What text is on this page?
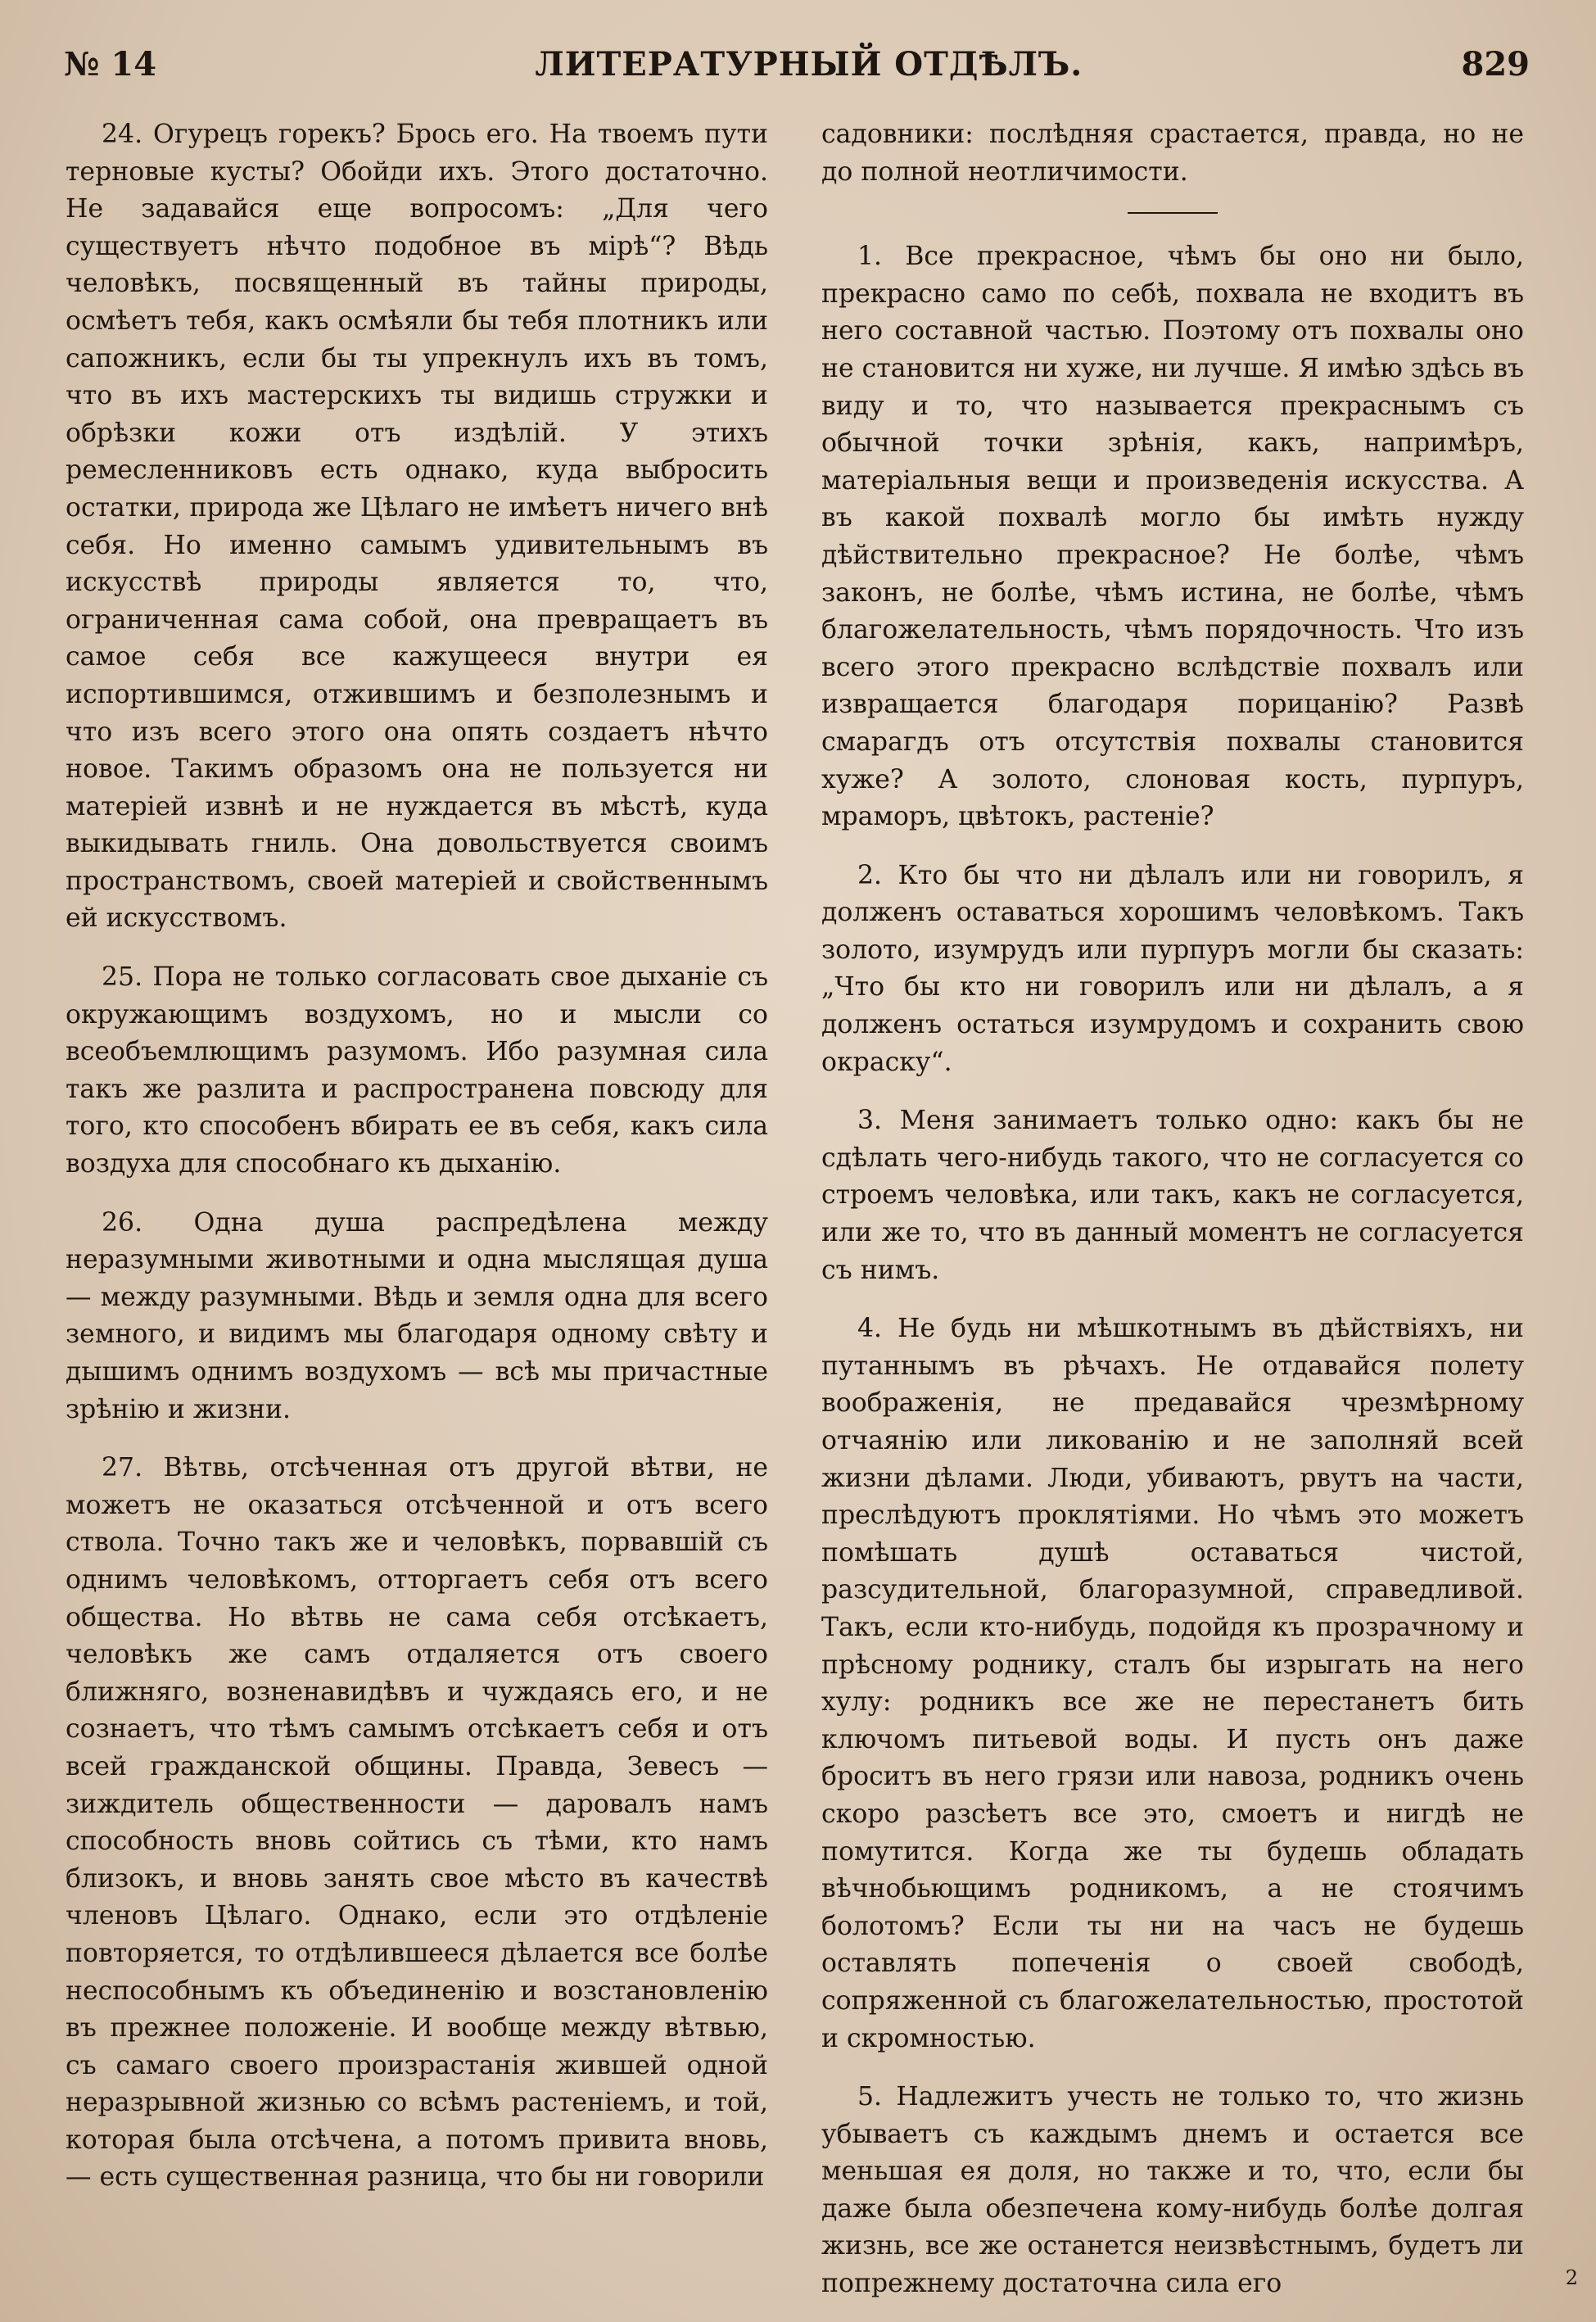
№ 14	ЛИТЕРАТУРНЫЙ ОТДѢЛЪ.	829

24. Огурецъ горекъ? Брось его. На твоемъ пути терновые кусты? Обойди ихъ. Этого достаточно. Не задавайся еще вопросомъ: „Для чего существуетъ нѣчто подобное въ мірѣ“? Вѣдь человѣкъ, посвященный въ тайны природы, осмѣетъ тебя, какъ осмѣяли бы тебя плотникъ или сапожникъ, если бы ты упрекнулъ ихъ въ томъ, что въ ихъ мастерскихъ ты видишь стружки и обрѣзки кожи отъ издѣлій. У этихъ ремесленниковъ есть однако, куда выбросить остатки, природа же Цѣлаго не имѣетъ ничего внѣ себя. Но именно самымъ удивительнымъ въ искусствѣ природы является то, что, ограниченная сама собой, она превращаетъ въ самое себя все кажущееся внутри ея испортившимся, отжившимъ и безполезнымъ и что изъ всего этого она опять создаетъ нѣчто новое. Такимъ образомъ она не пользуется ни матеріей извнѣ и не нуждается въ мѣстѣ, куда выкидывать гниль. Она довольствуется своимъ пространствомъ, своей матеріей и свойственнымъ ей искусствомъ.

25. Пора не только согласовать свое дыханіе съ окружающимъ воздухомъ, но и мысли со всеобъемлющимъ разумомъ. Ибо разумная сила такъ же разлита и распространена повсюду для того, кто способенъ вбирать ее въ себя, какъ сила воздуха для способнаго къ дыханію.

26. Одна душа распредѣлена между неразумными животными и одна мыслящая душа — между разумными. Вѣдь и земля одна для всего земного, и видимъ мы благодаря одному свѣту и дышимъ однимъ воздухомъ — всѣ мы причастные зрѣнію и жизни.

27. Вѣтвь, отсѣченная отъ другой вѣтви, не можетъ не оказаться отсѣченной и отъ всего ствола. Точно такъ же и человѣкъ, порвавшій съ однимъ человѣкомъ, отторгаетъ себя отъ всего общества. Но вѣтвь не сама себя отсѣкаетъ, человѣкъ же самъ отдаляется отъ своего ближняго, возненавидѣвъ и чуждаясь его, и не сознаетъ, что тѣмъ самымъ отсѣкаетъ себя и отъ всей гражданской общины. Правда, Зевесъ — зиждитель общественности — даровалъ намъ способность вновь сойтись съ тѣми, кто намъ близокъ, и вновь занять свое мѣсто въ качествѣ членовъ Цѣлаго. Однако, если это отдѣленіе повторяется, то отдѣлившееся дѣлается все болѣе неспособнымъ къ объединенію и возстановленію въ прежнее положеніе. И вообще между вѣтвью, съ самаго своего произрастанія жившей одной неразрывной жизнью со всѣмъ растеніемъ, и той, которая была отсѣчена, а потомъ привита вновь, — есть существенная разница, что бы ни говорили

садовники: послѣдняя срастается, правда, но не до полной неотличимости.

1. Все прекрасное, чѣмъ бы оно ни было, прекрасно само по себѣ, похвала не входитъ въ него составной частью. Поэтому отъ похвалы оно не становится ни хуже, ни лучше. Я имѣю здѣсь въ виду и то, что называется прекраснымъ съ обычной точки зрѣнія, какъ, напримѣръ, матеріальныя вещи и произведенія искусства. А въ какой похвалѣ могло бы имѣть нужду дѣйствительно прекрасное? Не болѣе, чѣмъ законъ, не болѣе, чѣмъ истина, не болѣе, чѣмъ благожелательность, чѣмъ порядочность. Что изъ всего этого прекрасно вслѣдствіе похвалъ или извращается благодаря порицанію? Развѣ смарагдъ отъ отсутствія похвалы становится хуже? А золото, слоновая кость, пурпуръ, мраморъ, цвѣтокъ, растеніе?

2. Кто бы что ни дѣлалъ или ни говорилъ, я долженъ оставаться хорошимъ человѣкомъ. Такъ золото, изумрудъ или пурпуръ могли бы сказать: „Что бы кто ни говорилъ или ни дѣлалъ, а я долженъ остаться изумрудомъ и сохранить свою окраску“.

3. Меня занимаетъ только одно: какъ бы не сдѣлать чего-нибудь такого, что не согласуется со строемъ человѣка, или такъ, какъ не согласуется, или же то, что въ данный моментъ не согласуется съ нимъ.

4. Не будь ни мѣшкотнымъ въ дѣйствіяхъ, ни путаннымъ въ рѣчахъ. Не отдавайся полету воображенія, не предавайся чрезмѣрному отчаянію или ликованію и не заполняй всей жизни дѣлами. Люди, убиваютъ, рвутъ на части, преслѣдуютъ проклятіями. Но чѣмъ это можетъ помѣшать душѣ оставаться чистой, разсудительной, благоразумной, справедливой. Такъ, если кто-нибудь, подойдя къ прозрачному и прѣсному роднику, сталъ бы изрыгать на него хулу: родникъ все же не перестанетъ бить ключомъ питьевой воды. И пусть онъ даже броситъ въ него грязи или навоза, родникъ очень скоро разсѣетъ все это, смоетъ и нигдѣ не помутится. Когда же ты будешь обладать вѣчнобьющимъ родникомъ, а не стоячимъ болотомъ? Если ты ни на часъ не будешь оставлять попеченія о своей свободѣ, сопряженной съ благожелательностью, простотой и скромностью.

5. Надлежитъ учесть не только то, что жизнь убываетъ съ каждымъ днемъ и остается все меньшая ея доля, но также и то, что, если бы даже была обезпечена кому-нибудь болѣе долгая жизнь, все же останется неизвѣстнымъ, будетъ ли попрежнему достаточна сила его	2
